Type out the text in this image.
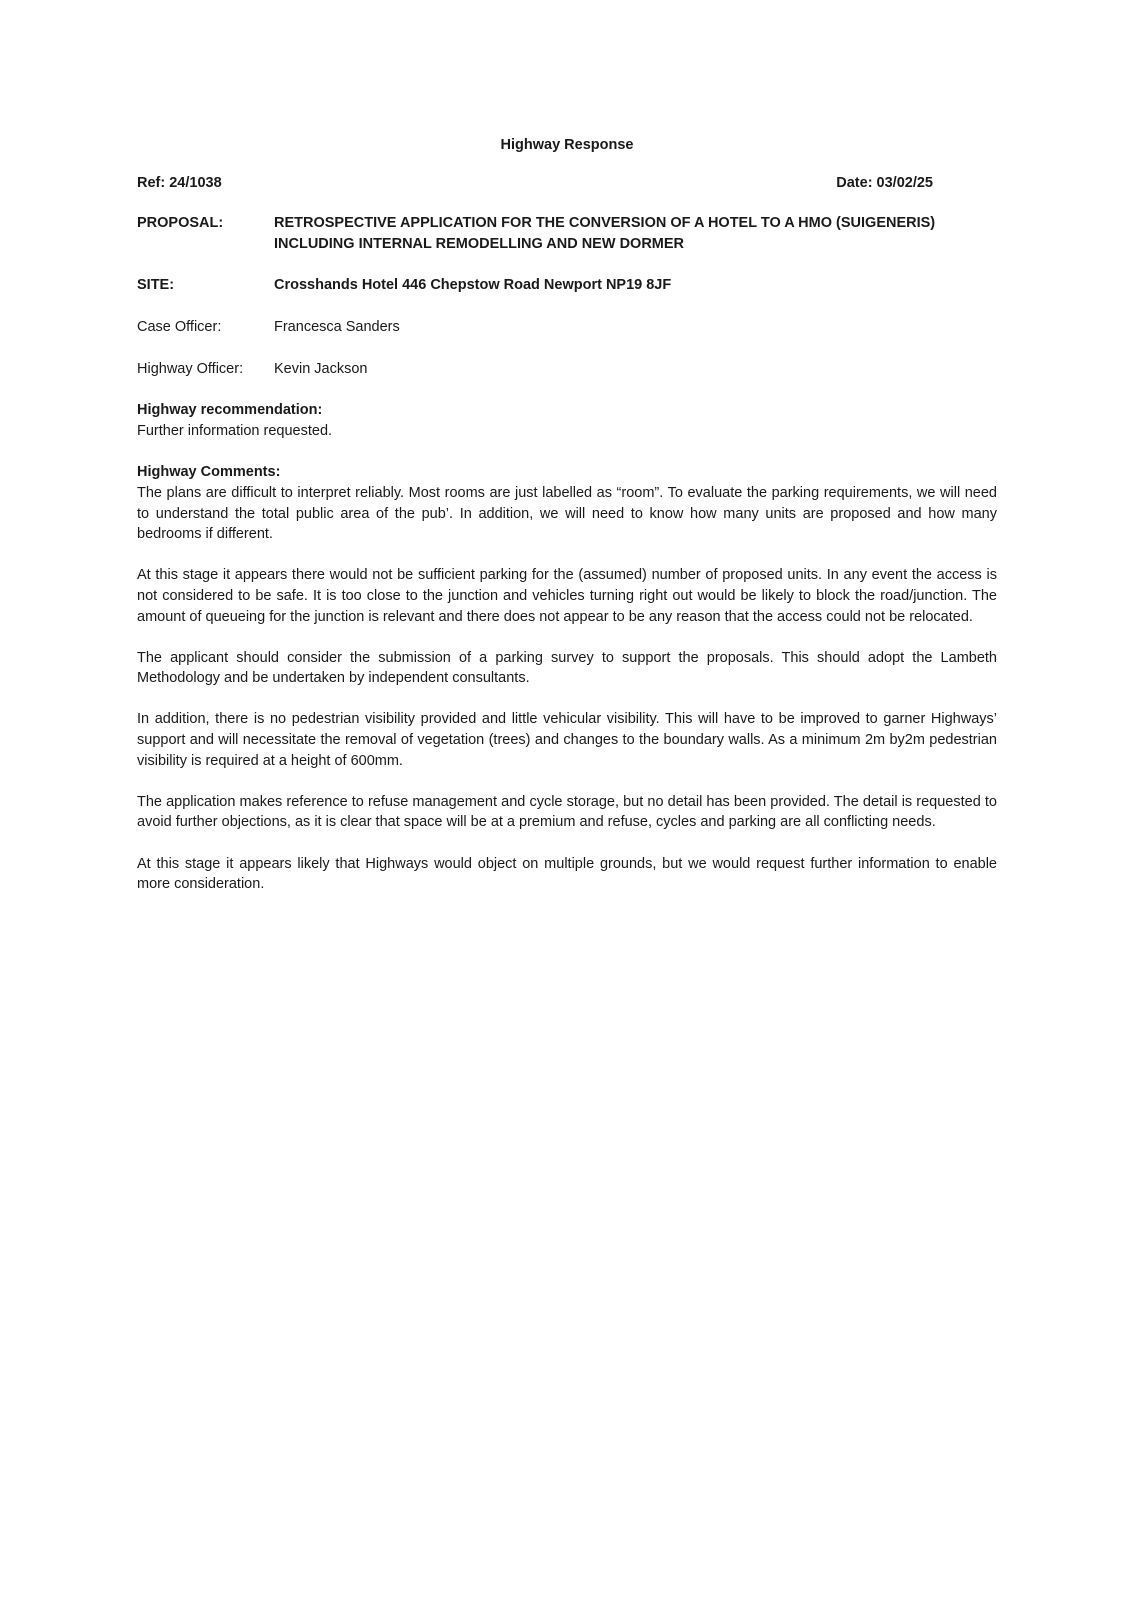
Highway Response
Ref: 24/1038	Date: 03/02/25
PROPOSAL:	RETROSPECTIVE APPLICATION FOR THE CONVERSION OF A HOTEL TO A HMO (SUIGENERIS)
INCLUDING INTERNAL REMODELLING AND NEW DORMER
SITE:	Crosshands Hotel 446 Chepstow Road Newport NP19 8JF
Case Officer:	Francesca Sanders
Highway Officer:	Kevin Jackson
Highway recommendation:
Further information requested.
Highway Comments:
The plans are difficult to interpret reliably. Most rooms are just labelled as “room”. To evaluate the parking requirements, we will need to understand the total public area of the pub’. In addition, we will need to know how many units are proposed and how many bedrooms if different.
At this stage it appears there would not be sufficient parking for the (assumed) number of proposed units. In any event the access is not considered to be safe. It is too close to the junction and vehicles turning right out would be likely to block the road/junction. The amount of queueing for the junction is relevant and there does not appear to be any reason that the access could not be relocated.
The applicant should consider the submission of a parking survey to support the proposals. This should adopt the Lambeth Methodology and be undertaken by independent consultants.
In addition, there is no pedestrian visibility provided and little vehicular visibility. This will have to be improved to garner Highways’ support and will necessitate the removal of vegetation (trees) and changes to the boundary walls. As a minimum 2m by2m pedestrian visibility is required at a height of 600mm.
The application makes reference to refuse management and cycle storage, but no detail has been provided. The detail is requested to avoid further objections, as it is clear that space will be at a premium and refuse, cycles and parking are all conflicting needs.
At this stage it appears likely that Highways would object on multiple grounds, but we would request further information to enable more consideration.
